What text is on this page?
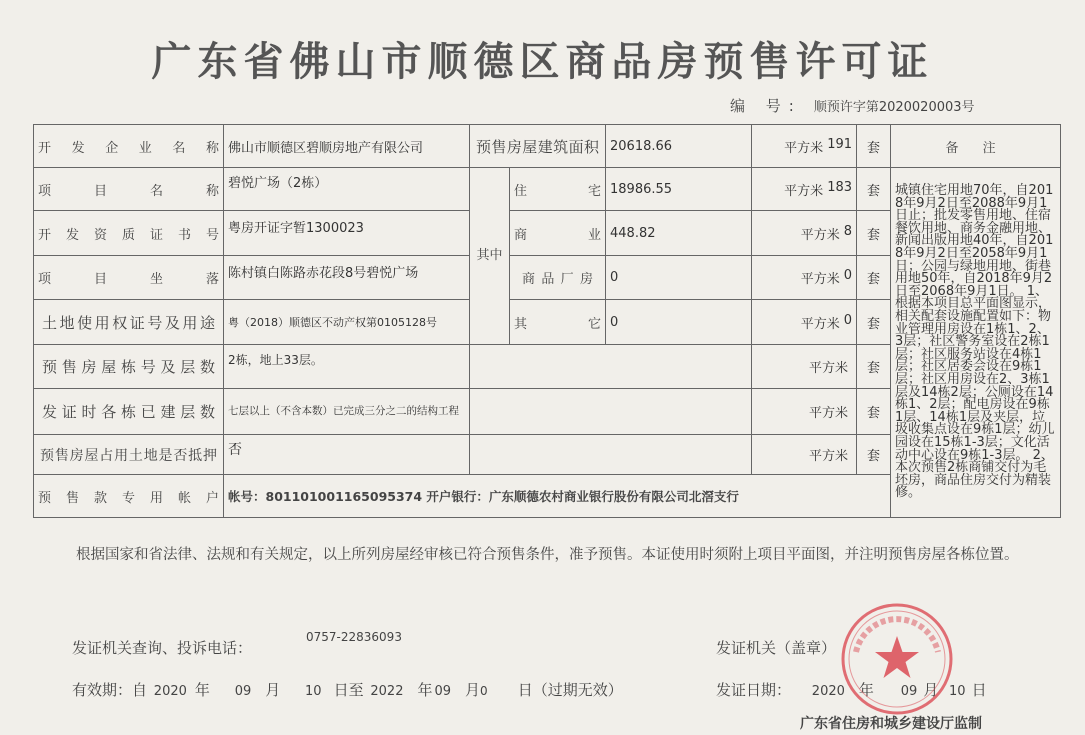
广东省佛山市顺德区商品房预售许可证
编 号: 顺预许字第2020020003号
开发企业名称	佛山市顺德区碧顺房地产有限公司	预售房屋建筑面积		20618.66	平方米 191	套	备 注
项目名称	碧悦广场（2栋）	其中	住宅	18986.55	平方米 183	套	城镇住宅用地70年，自2018年9月2日至2088年9月1日止；批发零售用地、住宿餐饮用地、商务金融用地、新闻出版用地40年，自2018年9月2日至2058年9月1日；公园与绿地用地、街巷用地50年，自2018年9月2日至2068年9月1日。 1、根据本项目总平面图显示，相关配套设施配置如下：物业管理用房设在1栋1、2、3层；社区警务室设在2栋1层；社区服务站设在4栋1层；社区居委会设在9栋1层；社区用房设在2、3栋1层及14栋2层；公厕设在14栋1、2层；配电房设在9栋1层、14栋1层及夹层，垃圾收集点设在9栋1层；幼儿园设在15栋1-3层；文化活动中心设在9栋1-3层。 2、本次预售2栋商铺交付为毛坯房，商品住房交付为精装修。
开发资质证书号	粤房开证字暂1300023		商业	448.82	平方米 8	套	
项目坐落	陈村镇白陈路赤花段8号碧悦广场		商品厂房	0	平方米 0	套	
土地使用权证号及用途	粤（2018）顺德区不动产权第0105128号		其它	0	平方米 0	套	
预售房屋栋号及层数	2栋，地上33层。				平方米	套	
发证时各栋已建层数	七层以上（不含本数）已完成三分之二的结构工程				平方米	套	
预售房屋占用土地是否抵押	否				平方米	套	
预售款专用帐户	帐号：801101001165095374 开户银行：广东顺德农村商业银行股份有限公司北滘支行						
根据国家和省法律、法规和有关规定，以上所列房屋经审核已符合预售条件，准予预售。本证使用时须附上项目平面图，并注明预售房屋各栋位置。
发证机关查询、投诉电话：
0757-22836093
发证机关（盖章）
有效期：自 2020 年 09 月 10 日至 2022 年 09 月0 日（过期无效）	发证日期： 2020 年 09 月 10 日
广东省住房和城乡建设厅监制
